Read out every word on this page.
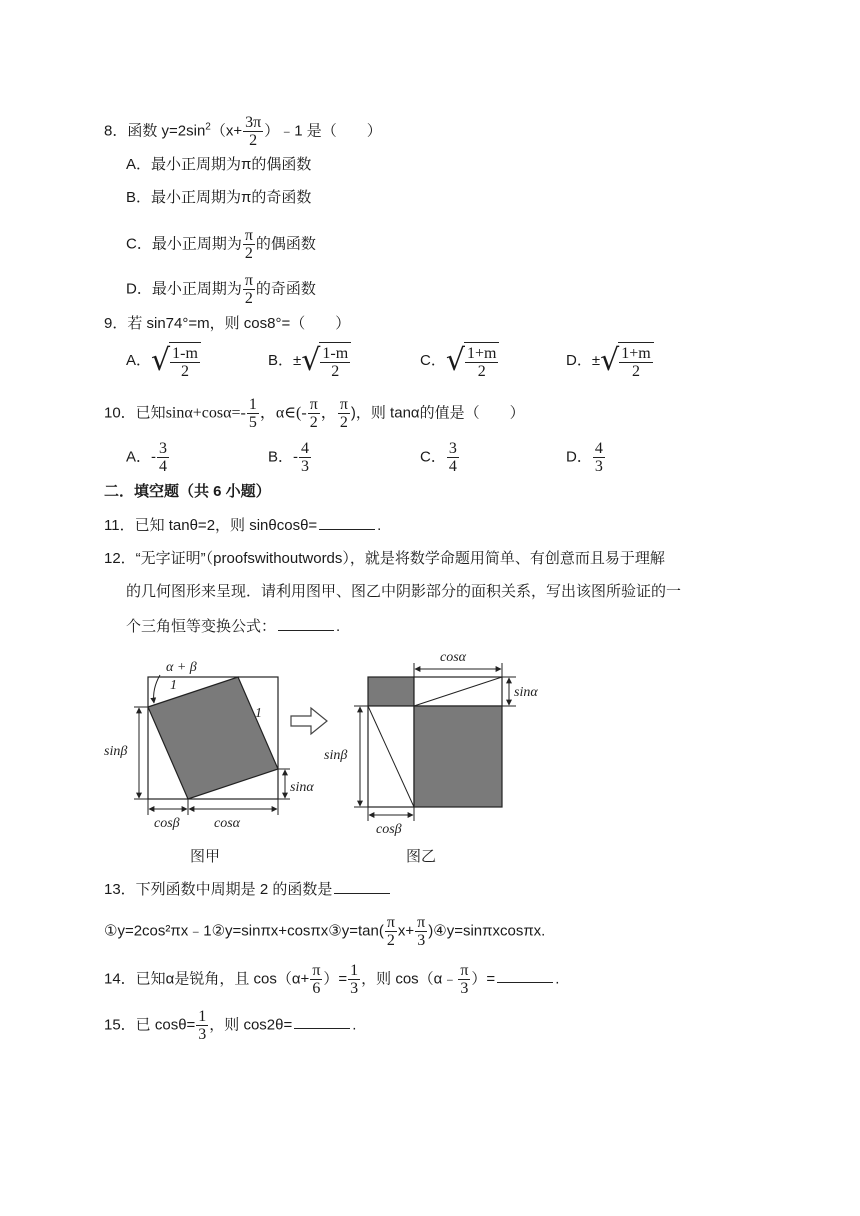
8．函数 $y=2\sin^2(x+ \frac{3\pi}{2}$ ）﹣1 是（　　）
A．最小正周期为π的偶函数
B．最小正周期为π的奇函数
C．最小正周期为 $\frac{\pi}{2}$ 的偶函数
D．最小正周期为 $\frac{\pi}{2}$ 的奇函数
9．若 sin74°=m，则 cos8°=（　　）
A． √ $\frac{1-m}{2}$	B．± √ $\frac{1-m}{2}$	C． √ $\frac{1+m}{2}$	D．± √ $\frac{1+m}{2}$
10．已知$\sin\alpha+\cos\alpha=- \frac{1}{5}$ ，α∈(- $\frac{\pi}{2}$ ， $\frac{\pi}{2}$ )，则 tanα的值是（　　）
A．- $\frac{3}{4}$	B．- $\frac{4}{3}$	C． $\frac{3}{4}$	D． $\frac{4}{3}$
二．填空题（共 6 小题）
11．已知 tanθ=2，则 sinθcosθ=	.
12．“无字证明”（proofswithoutwords），就是将数学命题用简单、有创意而且易于理解
的几何图形来呈现．请利用图甲、图乙中阴影部分的面积关系，写出该图所验证的一
个三角恒等变换公式：	.
α + β
1
1
sinβ
sinα
cosβ cosα
图甲
cosα
sinα
sinβ
cosβ
图乙
13．下列函数中周期是 2 的函数是
①y=2cos²πx﹣1②y=sinπx+cosπx③y=tan( $\frac{\pi}{2} x+ \frac{\pi}{3}$ )④y=sinπxcosπx.
14．已知α是锐角，且 $\cos(\alpha+ \frac{\pi}{6}$ ）= $\frac{1}{3}$ ，则 cos（α﹣ $\frac{\pi}{3}$ ）=	.
15．已 $\cos\theta= \frac{1}{3}$ ，则 cos2θ=	.
